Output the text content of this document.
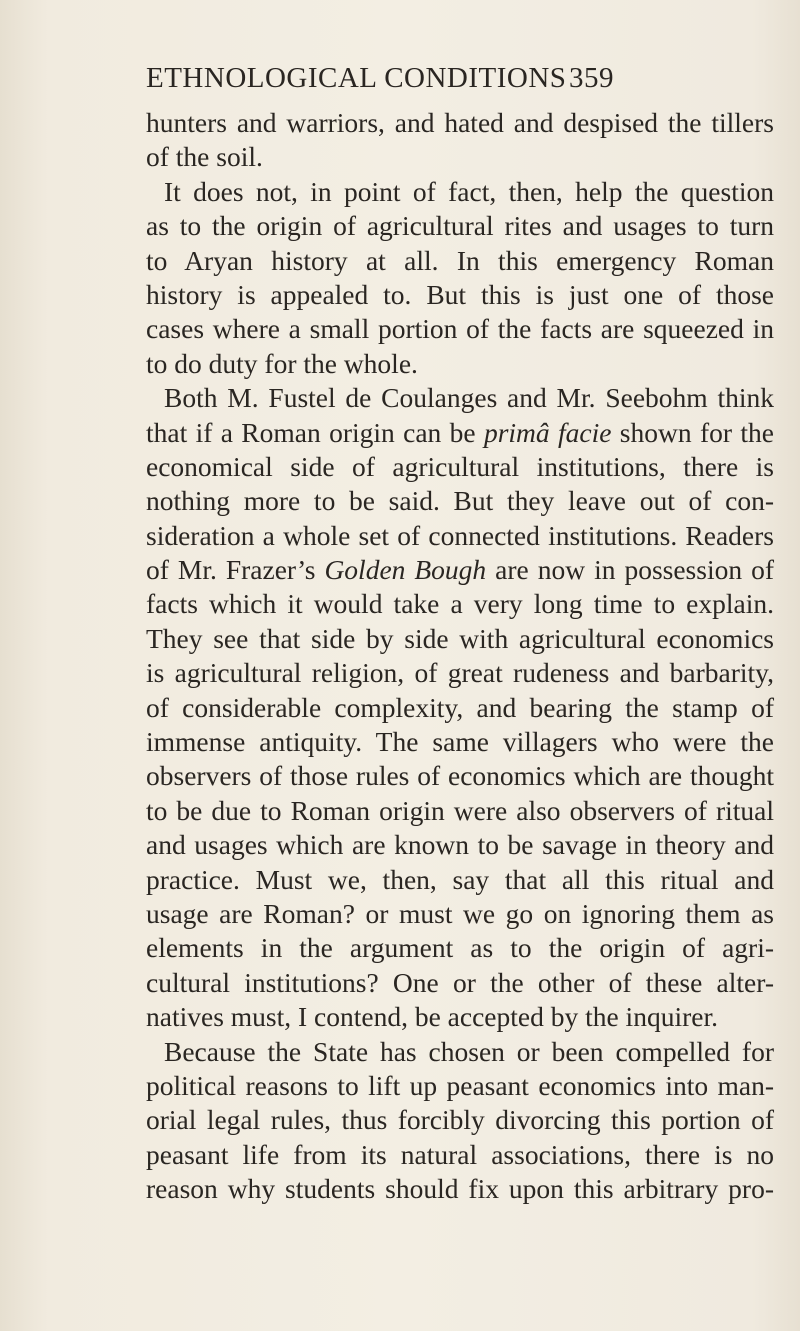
ETHNOLOGICAL CONDITIONS 359
hunters and warriors, and hated and despised the tillers
of the soil.
It does not, in point of fact, then, help the question
as to the origin of agricultural rites and usages to turn
to Aryan history at all. In this emergency Roman
history is appealed to. But this is just one of those
cases where a small portion of the facts are squeezed in
to do duty for the whole.
Both M. Fustel de Coulanges and Mr. Seebohm think
that if a Roman origin can be primâ facie shown for the
economical side of agricultural institutions, there is
nothing more to be said. But they leave out of con-
sideration a whole set of connected institutions. Readers
of Mr. Frazer’s Golden Bough are now in possession of
facts which it would take a very long time to explain.
They see that side by side with agricultural economics
is agricultural religion, of great rudeness and barbarity,
of considerable complexity, and bearing the stamp of
immense antiquity. The same villagers who were the
observers of those rules of economics which are thought
to be due to Roman origin were also observers of ritual
and usages which are known to be savage in theory and
practice. Must we, then, say that all this ritual and
usage are Roman? or must we go on ignoring them as
elements in the argument as to the origin of agri-
cultural institutions? One or the other of these alter-
natives must, I contend, be accepted by the inquirer.
Because the State has chosen or been compelled for
political reasons to lift up peasant economics into man-
orial legal rules, thus forcibly divorcing this portion of
peasant life from its natural associations, there is no
reason why students should fix upon this arbitrary pro-
